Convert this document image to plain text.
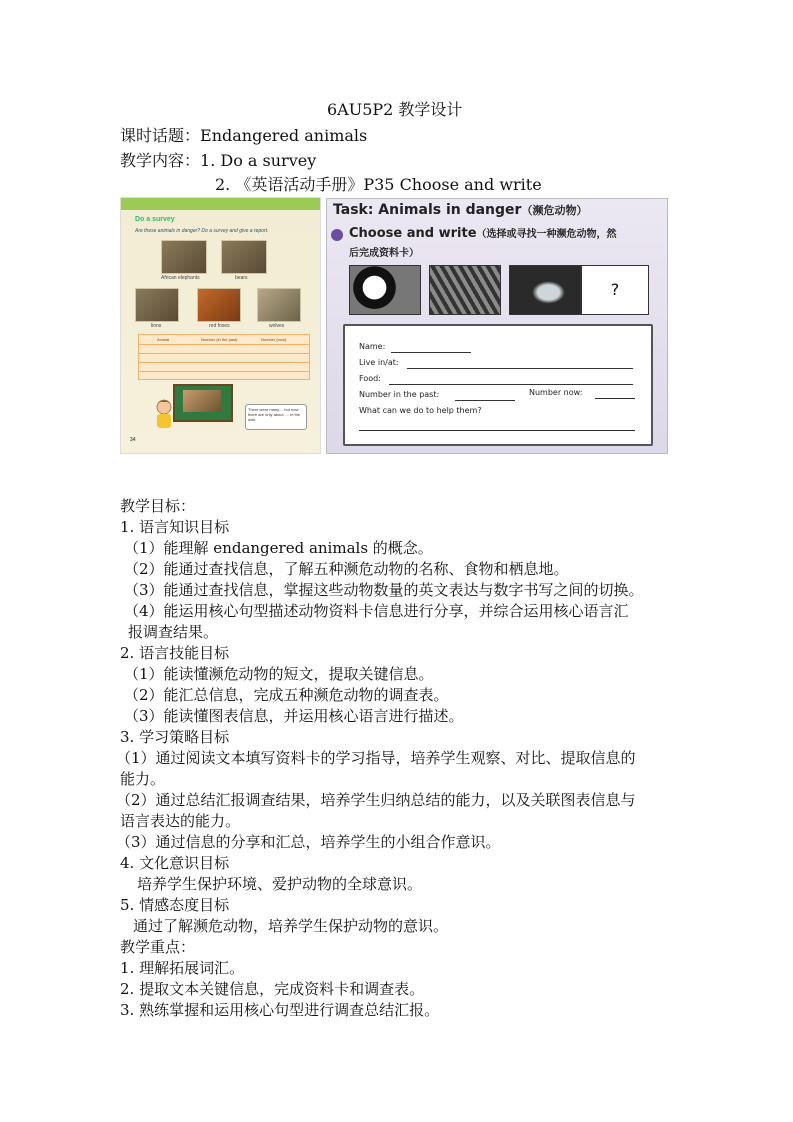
6AU5P2 教学设计
课时话题：Endangered animals
教学内容：1. Do a survey
2. 《英语活动手册》P35 Choose and write
Do a survey
Are these animals in danger? Do a survey and give a report.
African elephants	bears
lions	red foxes	wolves
Animal	Number (in the past)	Number (now)
There were many.... but now there are only about .... in the wild.
34
Task: Animals in danger（濒危动物）
Choose and write（选择或寻找一种濒危动物，然
后完成资料卡）
?
Name:
Live in/at:
Food:
Number in the past:	Number now:
What can we do to help them?
教学目标：
1. 语言知识目标
（1）能理解 endangered animals 的概念。
（2）能通过查找信息，了解五种濒危动物的名称、食物和栖息地。
（3）能通过查找信息，掌握这些动物数量的英文表达与数字书写之间的切换。
（4）能运用核心句型描述动物资料卡信息进行分享，并综合运用核心语言汇
报调查结果。
2. 语言技能目标
（1）能读懂濒危动物的短文，提取关键信息。
（2）能汇总信息，完成五种濒危动物的调查表。
（3）能读懂图表信息，并运用核心语言进行描述。
3. 学习策略目标
（1）通过阅读文本填写资料卡的学习指导，培养学生观察、对比、提取信息的
能力。
（2）通过总结汇报调查结果，培养学生归纳总结的能力，以及关联图表信息与
语言表达的能力。
（3）通过信息的分享和汇总，培养学生的小组合作意识。
4. 文化意识目标
培养学生保护环境、爱护动物的全球意识。
5. 情感态度目标
通过了解濒危动物，培养学生保护动物的意识。
教学重点：
1. 理解拓展词汇。
2. 提取文本关键信息，完成资料卡和调查表。
3. 熟练掌握和运用核心句型进行调查总结汇报。
